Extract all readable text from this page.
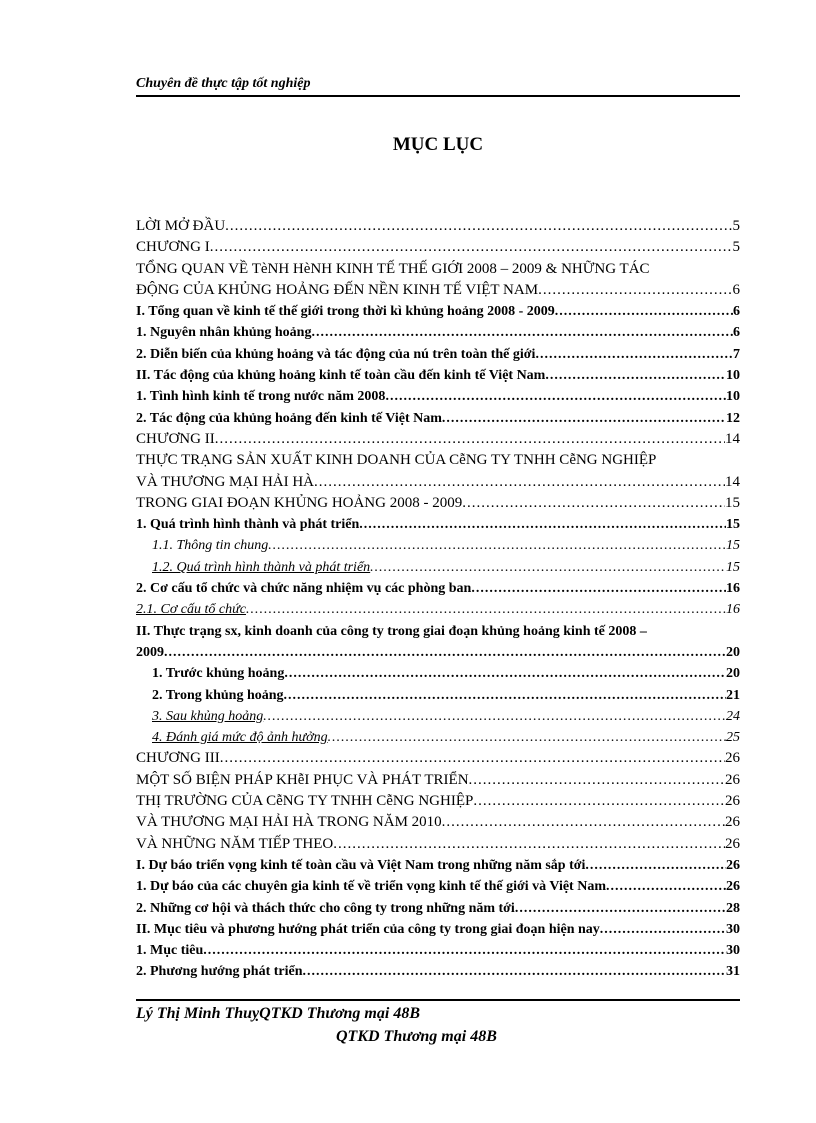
Chuyên đề thực tập tốt nghiệp
MỤC LỤC
LỜI MỞ ĐẦU .....	5
CHƯƠNG I .....	5
TỔNG QUAN VỀ TèNH HèNH KINH TẾ THẾ GIỚI 2008 – 2009 & NHỮNG TÁC
ĐỘNG CỦA KHỦNG HOẢNG ĐẾN NỀN KINH TẾ VIỆT NAM .....	6
I. Tổng quan về kinh tế thế giới trong thời kì khủng hoảng 2008 - 2009 .....	6
1. Nguyên nhân khủng hoảng .....	6
2. Diễn biến của khủng hoảng và tác động của nú trên toàn thế giới .....	7
II. Tác động của khủng hoảng kinh tế toàn cầu đến kinh tế Việt Nam .....	10
1. Tình hình kinh tế trong nước năm 2008 .....	10
2. Tác động của khủng hoảng đến kinh tế Việt Nam .....	12
CHƯƠNG II .....	14
THỰC TRẠNG SẢN XUẤT KINH DOANH CỦA CễNG TY TNHH CễNG NGHIỆP
VÀ THƯƠNG MẠI HẢI HÀ .....	14
TRONG GIAI ĐOẠN KHỦNG HOẢNG 2008 - 2009 .....	15
1. Quá trình hình thành và phát triển .....	15
1.1. Thông tin chung .....	15
1.2. Quá trình hình thành và phát triển .....	15
2. Cơ cấu tổ chức và chức năng nhiệm vụ các phòng ban .....	16
2.1. Cơ cấu tổ chức .....	16
II. Thực trạng sx, kinh doanh của công ty trong giai đoạn khủng hoảng kinh tế 2008 –
2009 .....	20
1. Trước khủng hoảng .....	20
2. Trong khủng hoảng .....	21
3. Sau khủng hoảng .....	24
4. Đánh giá mức độ ảnh hưởng .....	25
CHƯƠNG III .....	26
MỘT SỐ BIỆN PHÁP KHễI PHỤC VÀ PHÁT TRIỂN .....	26
THỊ TRƯỜNG CỦA CễNG TY TNHH CễNG NGHIỆP .....	26
VÀ THƯƠNG MẠI HẢI HÀ TRONG NĂM 2010 .....	26
VÀ NHỮNG NĂM TIẾP THEO .....	26
I. Dự báo triển vọng kinh tế toàn cầu và Việt Nam trong những năm sắp tới .....	26
1. Dự báo của các chuyên gia kinh tế về triển vọng kinh tế thế giới và Việt Nam .....	26
2. Những cơ hội và thách thức cho công ty trong những năm tới .....	28
II. Mục tiêu và phương hướng phát triển của công ty trong giai đoạn hiện nay .....	30
1. Mục tiêu .....	30
2. Phương hướng phát triển .....	31
Lý Thị Minh ThuỵQTKD Thương mại 48B
QTKD Thương mại 48B
